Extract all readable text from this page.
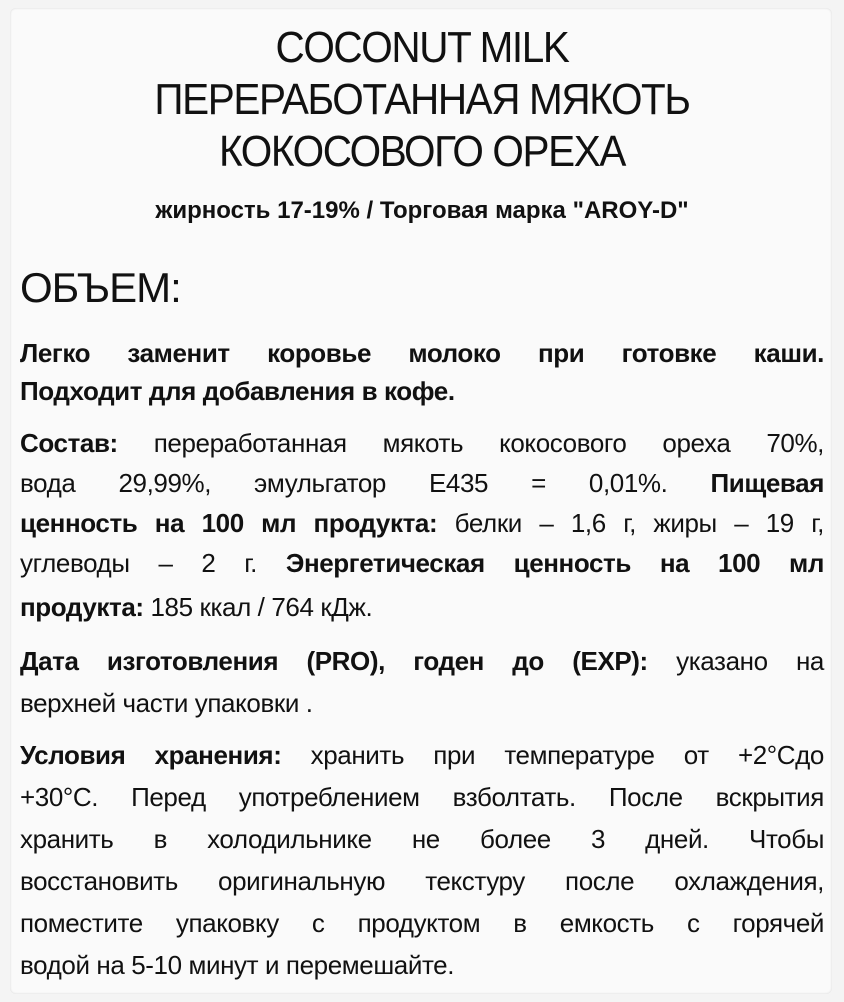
COCONUT MILK
ПЕРЕРАБОТАННАЯ МЯКОТЬ
КОКОСОВОГО ОРЕХА
жирность 17-19% / Торговая марка "AROY-D"
ОБЪЕМ:
Легко заменит коровье молоко при готовке каши.
Подходит для добавления в кофе.
Состав: переработанная мякоть кокосового ореха 70%,
вода 29,99%, эмульгатор Е435 = 0,01%. Пищевая
ценность на 100 мл продукта: белки – 1,6 г, жиры – 19 г,
углеводы – 2 г. Энергетическая ценность на 100 мл
продукта: 185 ккал / 764 кДж.
Дата изготовления (PRO), годен до (EXP): указано на
верхней части упаковки .
Условия хранения: хранить при температуре от +2°Сдо
+30°С. Перед употреблением взболтать. После вскрытия
хранить в холодильнике не более 3 дней. Чтобы
восстановить оригинальную текстуру после охлаждения,
поместите упаковку с продуктом в емкость с горячей
водой на 5-10 минут и перемешайте.
